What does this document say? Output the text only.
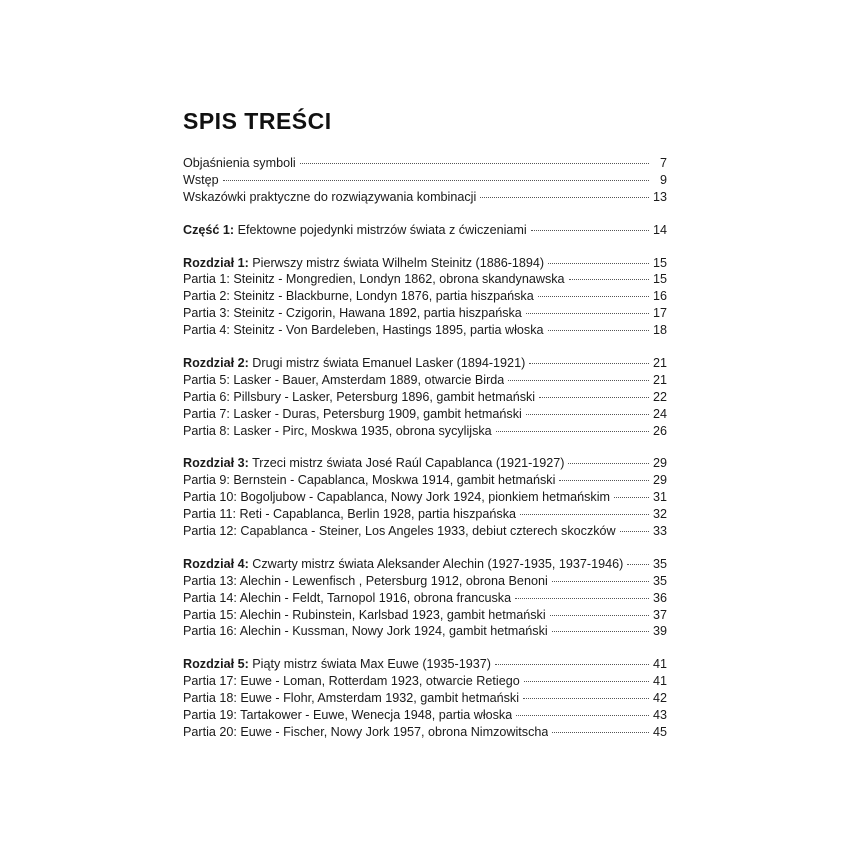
SPIS TREŚCI
Objaśnienia symboli	7
Wstęp	9
Wskazówki praktyczne do rozwiązywania kombinacji	13
Część 1: Efektowne pojedynki mistrzów świata z ćwiczeniami	14
Rozdział 1: Pierwszy mistrz świata Wilhelm Steinitz (1886-1894)	15
Partia 1: Steinitz - Mongredien, Londyn 1862, obrona skandynawska	15
Partia 2: Steinitz - Blackburne, Londyn 1876, partia hiszpańska	16
Partia 3: Steinitz - Czigorin, Hawana 1892, partia hiszpańska	17
Partia 4: Steinitz - Von Bardeleben, Hastings 1895, partia włoska	18
Rozdział 2: Drugi mistrz świata Emanuel Lasker (1894-1921)	21
Partia 5: Lasker - Bauer, Amsterdam 1889, otwarcie Birda	21
Partia 6: Pillsbury - Lasker, Petersburg 1896, gambit hetmański	22
Partia 7: Lasker - Duras, Petersburg 1909, gambit hetmański	24
Partia 8: Lasker - Pirc, Moskwa 1935, obrona sycylijska	26
Rozdział 3: Trzeci mistrz świata José Raúl Capablanca (1921-1927)	29
Partia 9: Bernstein - Capablanca, Moskwa 1914, gambit hetmański	29
Partia 10: Bogoljubow - Capablanca, Nowy Jork 1924, pionkiem hetmańskim	31
Partia 11: Reti - Capablanca, Berlin 1928, partia hiszpańska	32
Partia 12: Capablanca - Steiner, Los Angeles 1933, debiut czterech skoczków	33
Rozdział 4: Czwarty mistrz świata Aleksander Alechin (1927-1935, 1937-1946) 35
Partia 13: Alechin - Lewenfisch , Petersburg 1912, obrona Benoni	35
Partia 14: Alechin - Feldt, Tarnopol 1916, obrona francuska	36
Partia 15: Alechin - Rubinstein, Karlsbad 1923, gambit hetmański	37
Partia 16: Alechin - Kussman, Nowy Jork 1924, gambit hetmański	39
Rozdział 5: Piąty mistrz świata Max Euwe (1935-1937)	41
Partia 17: Euwe - Loman, Rotterdam 1923, otwarcie Retiego	41
Partia 18: Euwe - Flohr, Amsterdam 1932, gambit hetmański	42
Partia 19: Tartakower - Euwe, Wenecja 1948, partia włoska	43
Partia 20: Euwe - Fischer, Nowy Jork 1957, obrona Nimzowitscha	45
